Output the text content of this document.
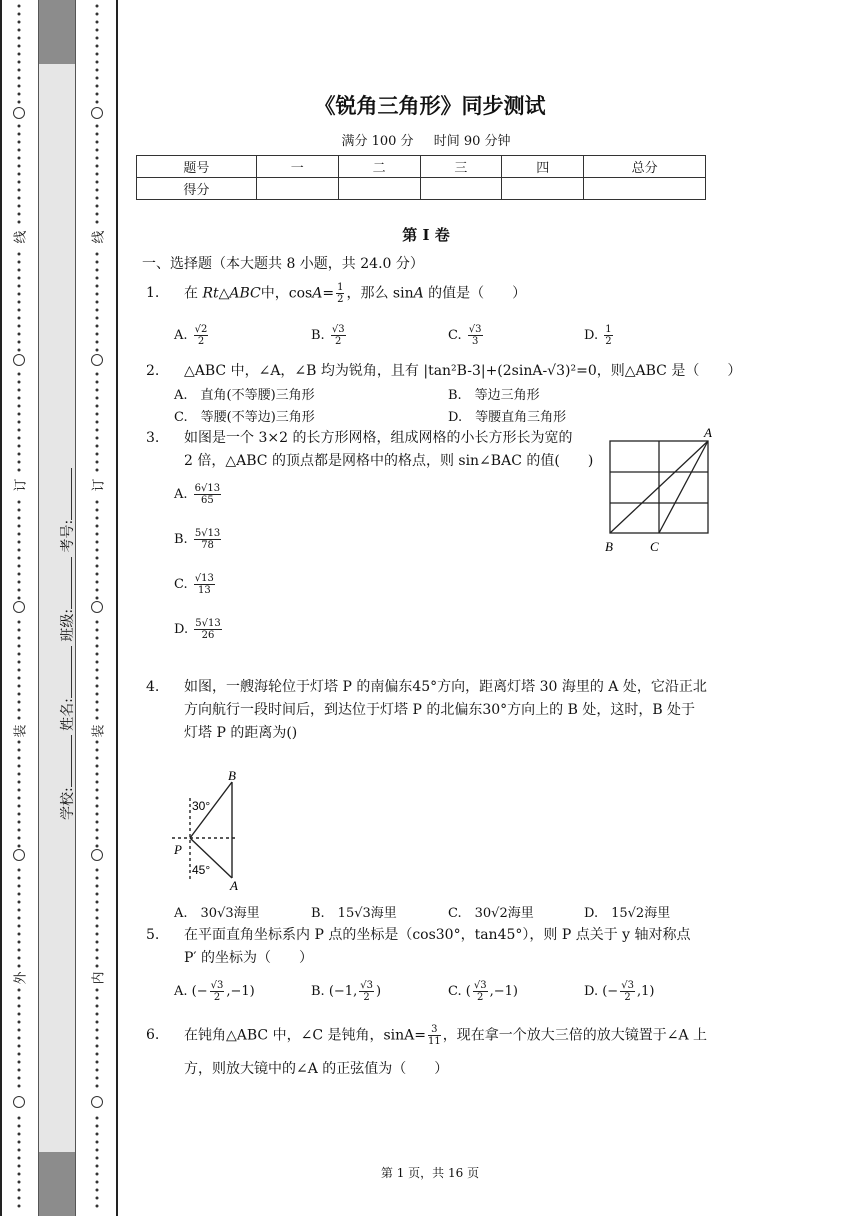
线
订
装
外
线
订
装
内
学校: 姓名: 班级: 考号:
《锐角三角形》同步测试
满分 100 分 时间 90 分钟
题号	一	二	三	四	总分
得分					
第 I 卷
一、选择题（本大题共 8 小题，共 24.0 分）
1. 在 Rt△ABC中，$\cos A= \frac{1}{2}$ ，那么 sinA 的值是（　　）
A. $\frac{√2}{2}$	B. $\frac{√3}{2}$	C. $\frac{√3}{3}$	D. $\frac{1}{2}$
2. △ABC 中，∠A，∠B 均为锐角，且有 |tan²B-3|+(2sinA-√3)²=0，则△ABC 是（　　）
A.　直角(不等腰)三角形	B.　等边三角形
C.　等腰(不等边)三角形	D.　等腰直角三角形
3. 如图是一个 3×2 的长方形网格，组成网格的小长方形长为宽的
2 倍，△ABC 的顶点都是网格中的格点，则 sin∠BAC 的值(　　)
A. $\frac{6√13}{65}$
B. $\frac{5√13}{78}$
C. $\frac{√13}{13}$
D. $\frac{5√13}{26}$
A
B	C
4. 如图，一艘海轮位于灯塔 P 的南偏东45°方向，距离灯塔 30 海里的 A 处，它沿正北
方向航行一段时间后，到达位于灯塔 P 的北偏东30°方向上的 B 处，这时，B 处于
灯塔 P 的距离为()
B
30°
P
45°
A
A.　30√3海里	B.　15√3海里	C.　30√2海里	D.　15√2海里
5. 在平面直角坐标系内 P 点的坐标是（cos30°，tan45°），则 P 点关于 y 轴对称点
P′ 的坐标为（　　）
A. (− $\frac{√3}{2} ,-1$)	B. (−1, $\frac{√3}{2}$ )	C. ( $\frac{√3}{2} ,-1$)	D. (− $\frac{√3}{2} ,1$)
6. 在钝角△ABC 中，∠C 是钝角，$\sin A= \frac{3}{11}$ ，现在拿一个放大三倍的放大镜置于∠A 上
方，则放大镜中的∠A 的正弦值为（　　）
第 1 页，共 16 页
